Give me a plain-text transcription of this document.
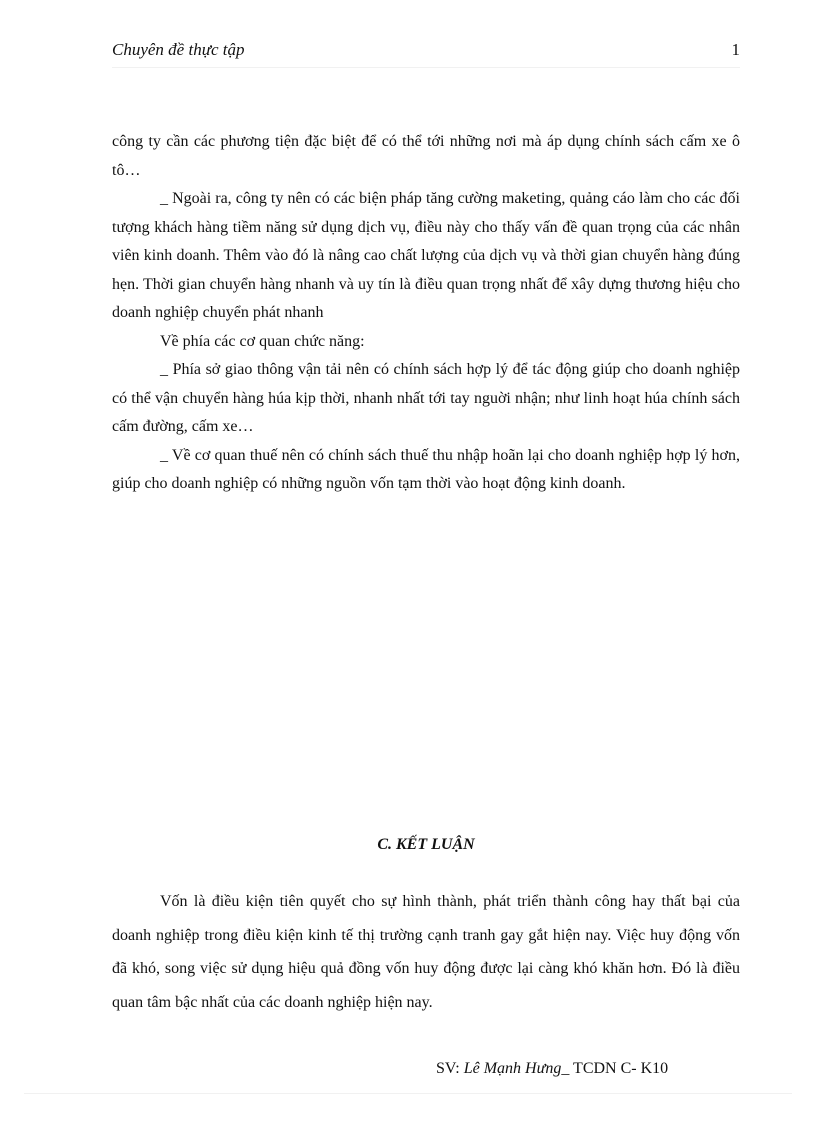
Chuyên đề thực tập	1

công ty cần các phương tiện đặc biệt để có thể tới những nơi mà áp dụng chính sách cấm xe ô tô…

_ Ngoài ra, công ty nên có các biện pháp tăng cường maketing, quảng cáo làm cho các đối tượng khách hàng tiềm năng sử dụng dịch vụ, điều này cho thấy vấn đề quan trọng của các nhân viên kinh doanh. Thêm vào đó là nâng cao chất lượng của dịch vụ và thời gian chuyển hàng đúng hẹn. Thời gian chuyển hàng nhanh và uy tín là điều quan trọng nhất để xây dựng thương hiệu cho doanh nghiệp chuyển phát nhanh

Về phía các cơ quan chức năng:

_ Phía sở giao thông vận tải nên có chính sách hợp lý để tác động giúp cho doanh nghiệp có thể vận chuyển hàng húa kịp thời, nhanh nhất tới tay nguời nhận; như linh hoạt húa chính sách cấm đường, cấm xe…

_ Về cơ quan thuế nên có chính sách thuế thu nhập hoãn lại cho doanh nghiệp hợp lý hơn, giúp cho doanh nghiệp có những nguồn vốn tạm thời vào hoạt động kinh doanh.

C. KẾT LUẬN

Vốn là điều kiện tiên quyết cho sự hình thành, phát triển thành công hay thất bại của doanh nghiệp trong điều kiện kinh tế thị trường cạnh tranh gay gắt hiện nay. Việc huy động vốn đã khó, song việc sử dụng hiệu quả đồng vốn huy động được lại càng khó khăn hơn. Đó là điều quan tâm bậc nhất của các doanh nghiệp hiện nay.

SV: Lê Mạnh Hưng_ TCDN C- K10
